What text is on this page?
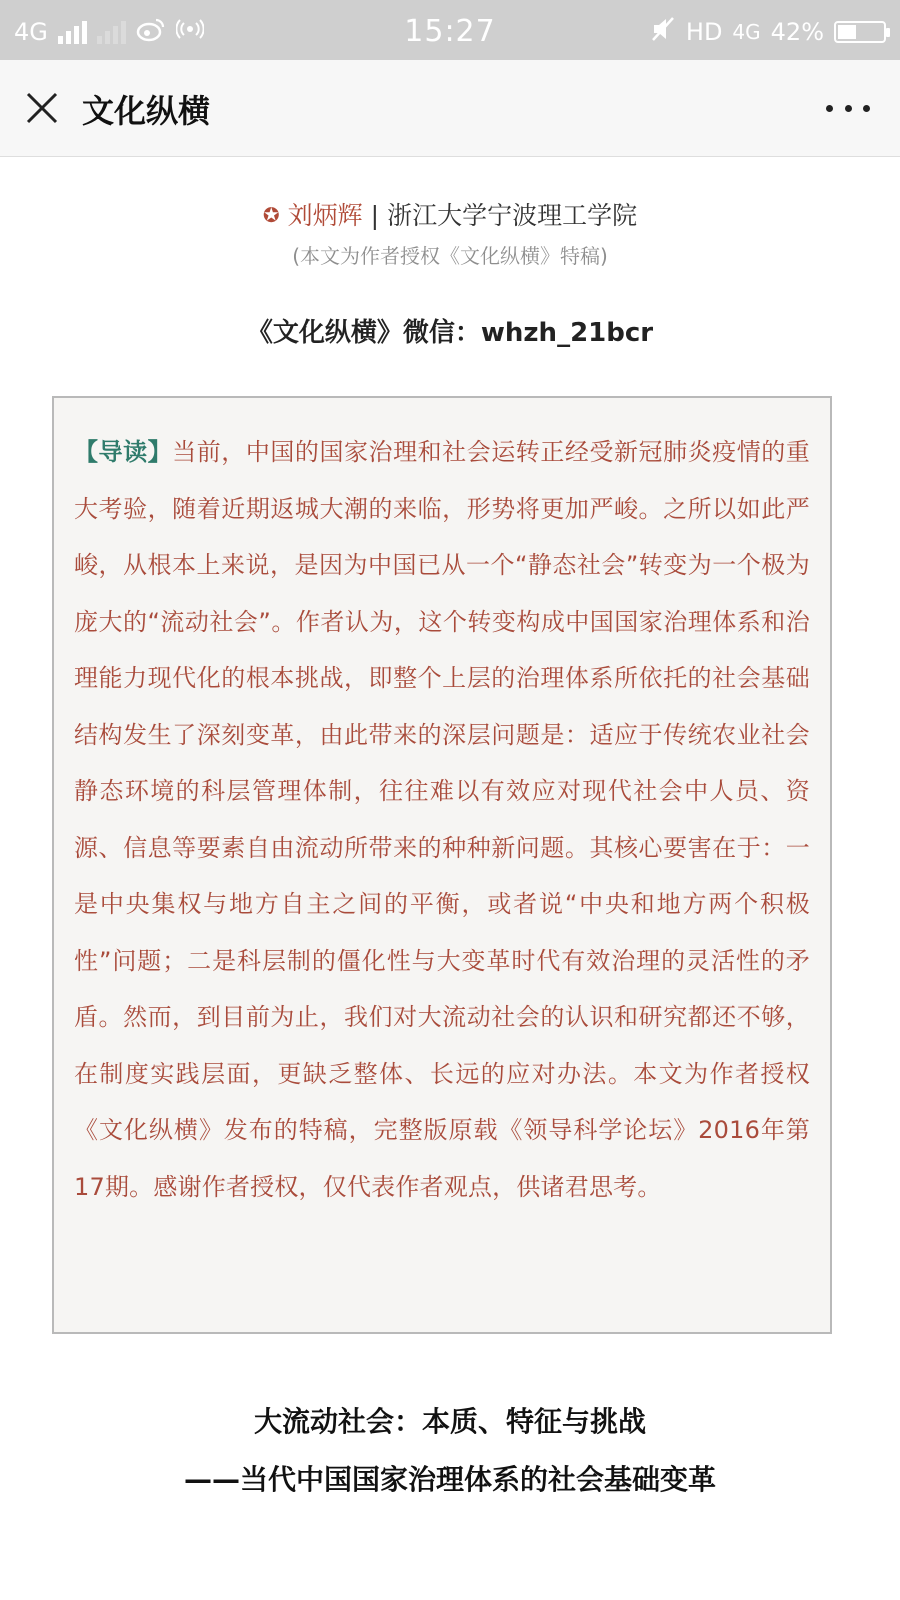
4G	15:27	HD 4G 42%
文化纵横
✪ 刘炳辉 | 浙江大学宁波理工学院
(本文为作者授权《文化纵横》特稿)
《文化纵横》微信：whzh_21bcr
【导读】当前，中国的国家治理和社会运转正经受新冠肺炎疫情的重大考验，随着近期返城大潮的来临，形势将更加严峻。之所以如此严峻，从根本上来说，是因为中国已从一个“静态社会”转变为一个极为庞大的“流动社会”。作者认为，这个转变构成中国国家治理体系和治理能力现代化的根本挑战，即整个上层的治理体系所依托的社会基础结构发生了深刻变革，由此带来的深层问题是：适应于传统农业社会静态环境的科层管理体制，往往难以有效应对现代社会中人员、资源、信息等要素自由流动所带来的种种新问题。其核心要害在于：一是中央集权与地方自主之间的平衡，或者说“中央和地方两个积极性”问题；二是科层制的僵化性与大变革时代有效治理的灵活性的矛盾。然而，到目前为止，我们对大流动社会的认识和研究都还不够，在制度实践层面，更缺乏整体、长远的应对办法。本文为作者授权《文化纵横》发布的特稿，完整版原载《领导科学论坛》2016年第17期。感谢作者授权，仅代表作者观点，供诸君思考。
大流动社会：本质、特征与挑战
——当代中国国家治理体系的社会基础变革
